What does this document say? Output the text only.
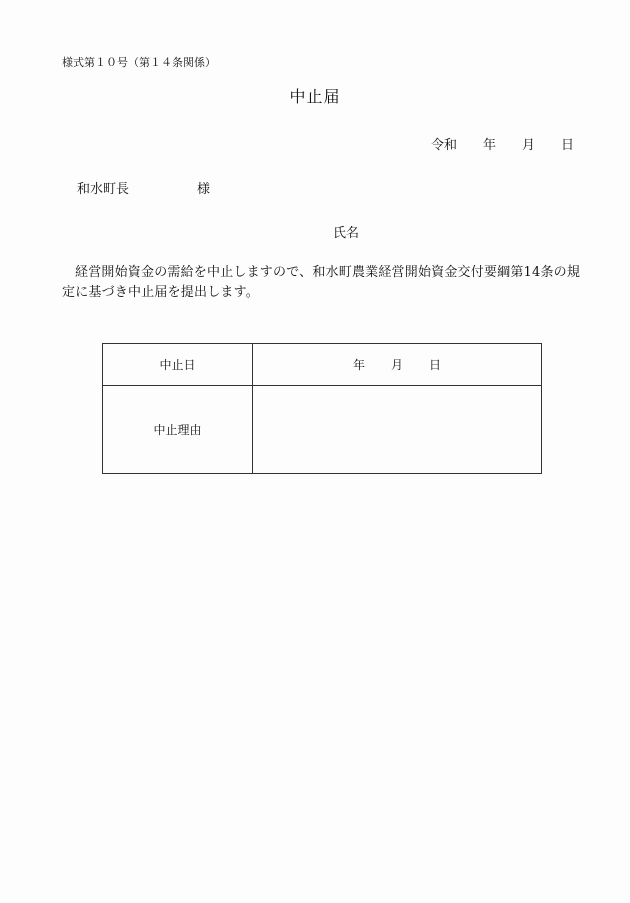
様式第１０号（第１４条関係）
中止届
令和 年 月 日
和水町長	様
氏名
経営開始資金の需給を中止しますので、和水町農業経営開始資金交付要綱第14条の規定に基づき中止届を提出します。
中止日	年 月 日
中止理由	
